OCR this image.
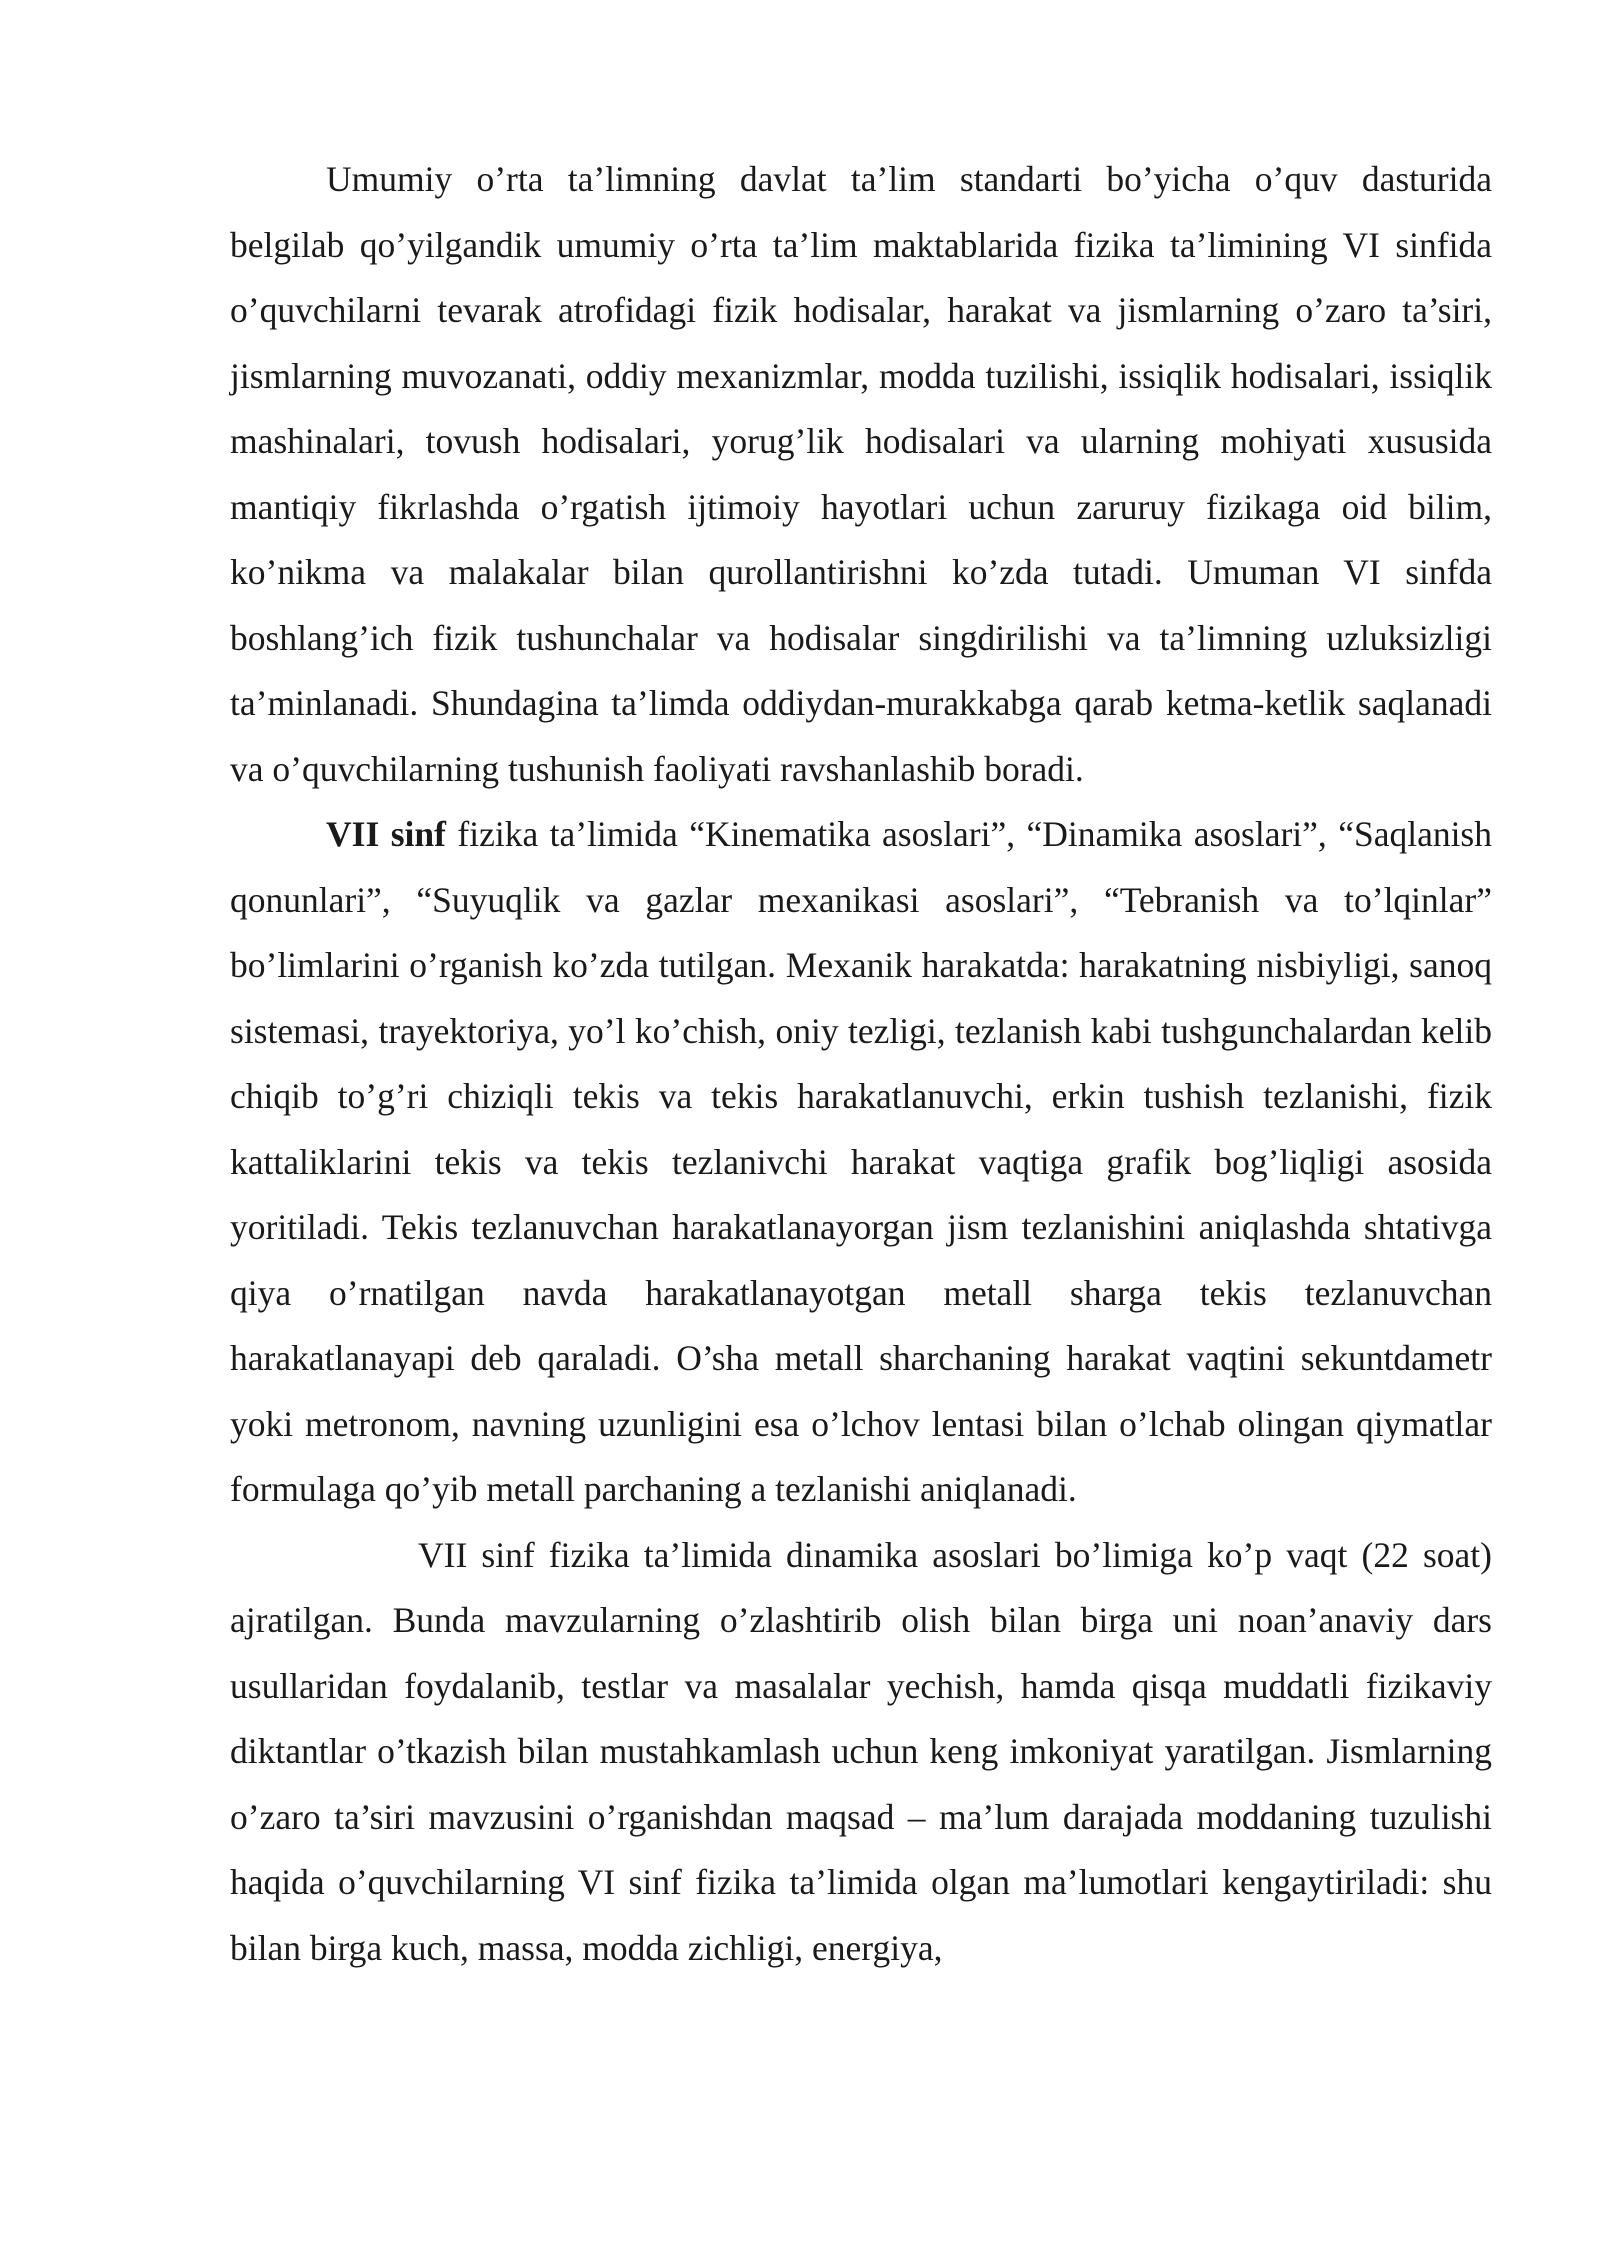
Umumiy o’rta ta’limning davlat ta’lim standarti bo’yicha o’quv dasturida belgilab qo’yilgandik umumiy o’rta ta’lim maktablarida fizika ta’limining VI sinfida o’quvchilarni tevarak atrofidagi fizik hodisalar, harakat va jismlarning o’zaro ta’siri, jismlarning muvozanati, oddiy mexanizmlar, modda tuzilishi, issiqlik hodisalari, issiqlik mashinalari, tovush hodisalari, yorug’lik hodisalari va ularning mohiyati xususida mantiqiy fikrlashda o’rgatish ijtimoiy hayotlari uchun zaruruy fizikaga oid bilim, ko’nikma va malakalar bilan qurollantirishni ko’zda tutadi. Umuman VI sinfda boshlang’ich fizik tushunchalar va hodisalar singdirilishi va ta’limning uzluksizligi ta’minlanadi. Shundagina ta’limda oddiydan-murakkabga qarab ketma-ketlik saqlanadi va o’quvchilarning tushunish faoliyati ravshanlashib boradi.

VII sinf fizika ta’limida “Kinematika asoslari”, “Dinamika asoslari”, “Saqlanish qonunlari”, “Suyuqlik va gazlar mexanikasi asoslari”, “Tebranish va to’lqinlar” bo’limlarini o’rganish ko’zda tutilgan. Mexanik harakatda: harakatning nisbiyligi, sanoq sistemasi, trayektoriya, yo’l ko’chish, oniy tezligi, tezlanish kabi tushgunchalardan kelib chiqib to’g’ri chiziqli tekis va tekis harakatlanuvchi, erkin tushish tezlanishi, fizik kattaliklarini tekis va tekis tezlanivchi harakat vaqtiga grafik bog’liqligi asosida yoritiladi. Tekis tezlanuvchan harakatlanayorgan jism tezlanishini aniqlashda shtativga qiya o’rnatilgan navda harakatlanayotgan metall sharga tekis tezlanuvchan harakatlanayapi deb qaraladi. O’sha metall sharchaning harakat vaqtini sekuntdametr yoki metronom, navning uzunligini esa o’lchov lentasi bilan o’lchab olingan qiymatlar formulaga qo’yib metall parchaning a tezlanishi aniqlanadi.

VII sinf fizika ta’limida dinamika asoslari bo’limiga ko’p vaqt (22 soat) ajratilgan. Bunda mavzularning o’zlashtirib olish bilan birga uni noan’anaviy dars usullaridan foydalanib, testlar va masalalar yechish, hamda qisqa muddatli fizikaviy diktantlar o’tkazish bilan mustahkamlash uchun keng imkoniyat yaratilgan. Jismlarning o’zaro ta’siri mavzusini o’rganishdan maqsad – ma’lum darajada moddaning tuzulishi haqida o’quvchilarning VI sinf fizika ta’limida olgan ma’lumotlari kengaytiriladi: shu bilan birga kuch, massa, modda zichligi, energiya,
